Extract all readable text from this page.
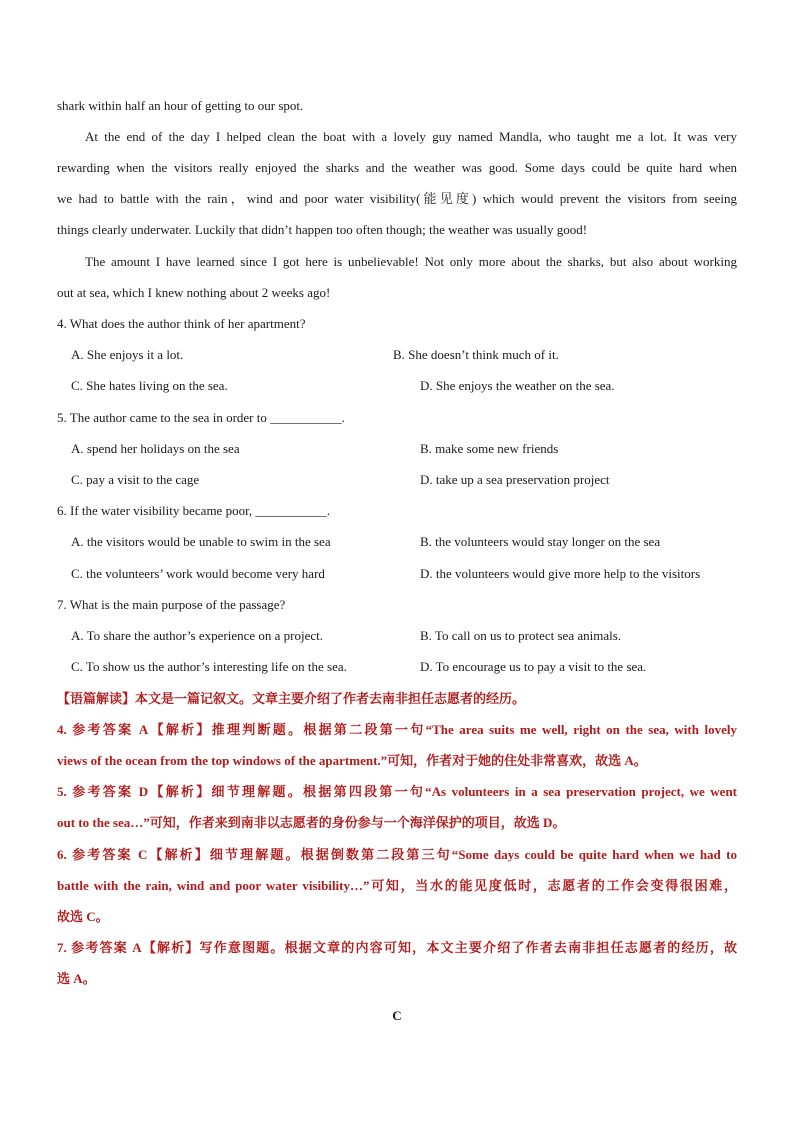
shark within half an hour of getting to our spot.
At the end of the day I helped clean the boat with a lovely guy named Mandla, who taught me a lot. It was very
rewarding when the visitors really enjoyed the sharks and the weather was good. Some days could be quite hard when
we had to battle with the rain，wind and poor water visibility(能见度) which would prevent the visitors from seeing
things clearly underwater. Luckily that didn’t happen too often though; the weather was usually good!
The amount I have learned since I got here is unbelievable! Not only more about the sharks, but also about working
out at sea, which I knew nothing about 2 weeks ago!
4. What does the author think of her apartment?
A. She enjoys it a lot.	B. She doesn’t think much of it.
C. She hates living on the sea.	D. She enjoys the weather on the sea.
5. The author came to the sea in order to ___________.
A. spend her holidays on the sea	B. make some new friends
C. pay a visit to the cage	D. take up a sea preservation project
6. If the water visibility became poor, ___________.
A. the visitors would be unable to swim in the sea	B. the volunteers would stay longer on the sea
C. the volunteers’ work would become very hard	D. the volunteers would give more help to the visitors
7. What is the main purpose of the passage?
A. To share the author’s experience on a project.	B. To call on us to protect sea animals.
C. To show us the author’s interesting life on the sea.	D. To encourage us to pay a visit to the sea.
【语篇解读】本文是一篇记叙文。文章主要介绍了作者去南非担任志愿者的经历。
4. 参考答案 A【解析】推理判断题。根据第二段第一句“The area suits me well, right on the sea, with lovely
views of the ocean from the top windows of the apartment.”可知，作者对于她的住处非常喜欢，故选 A。
5. 参考答案 D【解析】细节理解题。根据第四段第一句“As volunteers in a sea preservation project, we went
out to the sea…”可知，作者来到南非以志愿者的身份参与一个海洋保护的项目，故选 D。
6. 参考答案 C【解析】细节理解题。根据倒数第二段第三句“Some days could be quite hard when we had to
battle with the rain, wind and poor water visibility…”可知，当水的能见度低时，志愿者的工作会变得很困难，
故选 C。
7. 参考答案 A【解析】写作意图题。根据文章的内容可知，本文主要介绍了作者去南非担任志愿者的经历，故
选 A。
C
